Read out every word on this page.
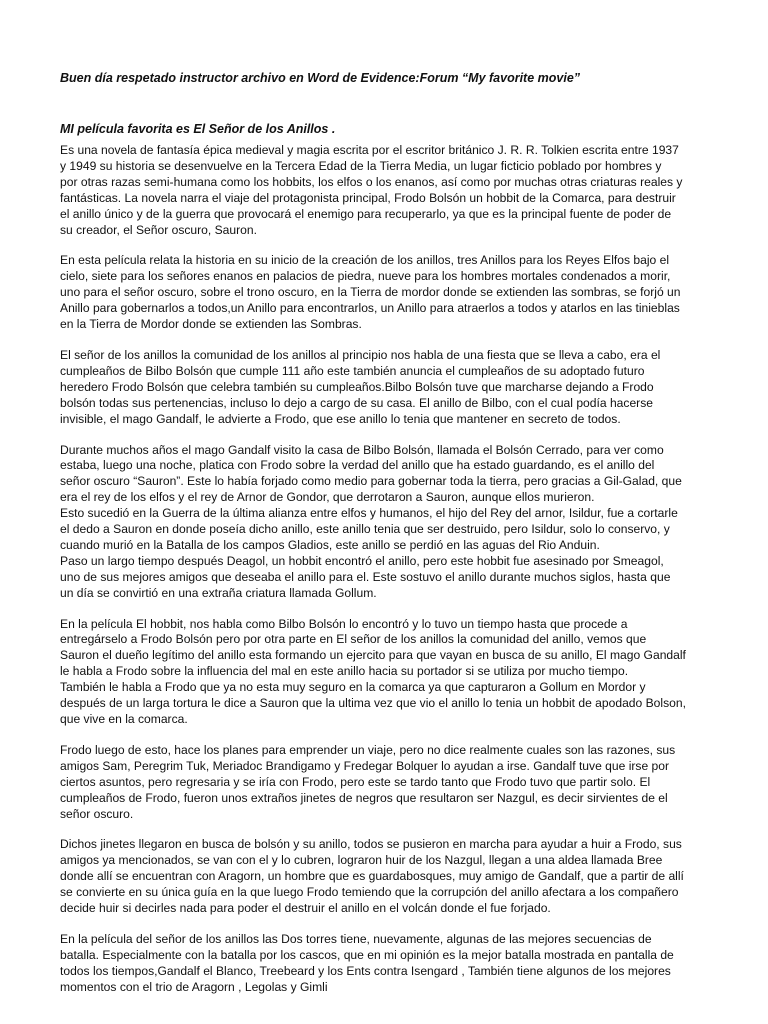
Buen día respetado instructor archivo en Word de Evidence:Forum “My favorite movie”

MI película favorita es El Señor de los Anillos .

Es una novela de fantasía épica medieval y magia escrita por el escritor británico J. R. R. Tolkien escrita entre 1937
y 1949 su historia se desenvuelve en la Tercera Edad de la Tierra Media, un lugar ficticio poblado por hombres y
por otras razas semi-humana como los hobbits, los elfos o los enanos, así como por muchas otras criaturas reales y
fantásticas. La novela narra el viaje del protagonista principal, Frodo Bolsón un hobbit de la Comarca, para destruir
el anillo único y de la guerra que provocará el enemigo para recuperarlo, ya que es la principal fuente de poder de
su creador, el Señor oscuro, Sauron.
En esta película relata la historia en su inicio de la creación de los anillos, tres Anillos para los Reyes Elfos bajo el
cielo, siete para los señores enanos en palacios de piedra, nueve para los hombres mortales condenados a morir,
uno para el señor oscuro, sobre el trono oscuro, en la Tierra de mordor donde se extienden las sombras, se forjó un
Anillo para gobernarlos a todos,un Anillo para encontrarlos, un Anillo para atraerlos a todos y atarlos en las tinieblas
en la Tierra de Mordor donde se extienden las Sombras.
El señor de los anillos la comunidad de los anillos al principio nos habla de una fiesta que se lleva a cabo, era el
cumpleaños de Bilbo Bolsón que cumple 111 año este también anuncia el cumpleaños de su adoptado futuro
heredero Frodo Bolsón que celebra también su cumpleaños.Bilbo Bolsón tuve que marcharse dejando a Frodo
bolsón todas sus pertenencias, incluso lo dejo a cargo de su casa. El anillo de Bilbo, con el cual podía hacerse
invisible, el mago Gandalf, le advierte a Frodo, que ese anillo lo tenia que mantener en secreto de todos.
Durante muchos años el mago Gandalf visito la casa de Bilbo Bolsón, llamada el Bolsón Cerrado, para ver como
estaba, luego una noche, platica con Frodo sobre la verdad del anillo que ha estado guardando, es el anillo del
señor oscuro “Sauron”. Este lo había forjado como medio para gobernar toda la tierra, pero gracias a Gil-Galad, que
era el rey de los elfos y el rey de Arnor de Gondor, que derrotaron a Sauron, aunque ellos murieron.
Esto sucedió en la Guerra de la última alianza entre elfos y humanos, el hijo del Rey del arnor, Isildur, fue a cortarle
el dedo a Sauron en donde poseía dicho anillo, este anillo tenia que ser destruido, pero Isildur, solo lo conservo, y
cuando murió en la Batalla de los campos Gladios, este anillo se perdió en las aguas del Rio Anduin.
Paso un largo tiempo después Deagol, un hobbit encontró el anillo, pero este hobbit fue asesinado por Smeagol,
uno de sus mejores amigos que deseaba el anillo para el. Este sostuvo el anillo durante muchos siglos, hasta que
un día se convirtió en una extraña criatura llamada Gollum.
En la película El hobbit, nos habla como Bilbo Bolsón lo encontró y lo tuvo un tiempo hasta que procede a
entregárselo a Frodo Bolsón pero por otra parte en El señor de los anillos la comunidad del anillo, vemos que
Sauron el dueño legítimo del anillo esta formando un ejercito para que vayan en busca de su anillo, El mago Gandalf
le habla a Frodo sobre la influencia del mal en este anillo hacia su portador si se utiliza por mucho tiempo.
También le habla a Frodo que ya no esta muy seguro en la comarca ya que capturaron a Gollum en Mordor y
después de un larga tortura le dice a Sauron que la ultima vez que vio el anillo lo tenia un hobbit de apodado Bolson,
que vive en la comarca.
Frodo luego de esto, hace los planes para emprender un viaje, pero no dice realmente cuales son las razones, sus
amigos Sam, Peregrim Tuk, Meriadoc Brandigamo y Fredegar Bolquer lo ayudan a irse. Gandalf tuve que irse por
ciertos asuntos, pero regresaria y se iría con Frodo, pero este se tardo tanto que Frodo tuvo que partir solo. El
cumpleaños de Frodo, fueron unos extraños jinetes de negros que resultaron ser Nazgul, es decir sirvientes de el
señor oscuro.
Dichos jinetes llegaron en busca de bolsón y su anillo, todos se pusieron en marcha para ayudar a huir a Frodo, sus
amigos ya mencionados, se van con el y lo cubren, lograron huir de los Nazgul, llegan a una aldea llamada Bree
donde allí se encuentran con Aragorn, un hombre que es guardabosques, muy amigo de Gandalf, que a partir de allí
se convierte en su única guía en la que luego Frodo temiendo que la corrupción del anillo afectara a los compañero
decide huir si decirles nada para poder el destruir el anillo en el volcán donde el fue forjado.
En la película del señor de los anillos las Dos torres tiene, nuevamente, algunas de las mejores secuencias de
batalla. Especialmente con la batalla por los cascos, que en mi opinión es la mejor batalla mostrada en pantalla de
todos los tiempos,Gandalf el Blanco, Treebeard y los Ents contra Isengard , También tiene algunos de los mejores
momentos con el trio de Aragorn , Legolas y Gimli
